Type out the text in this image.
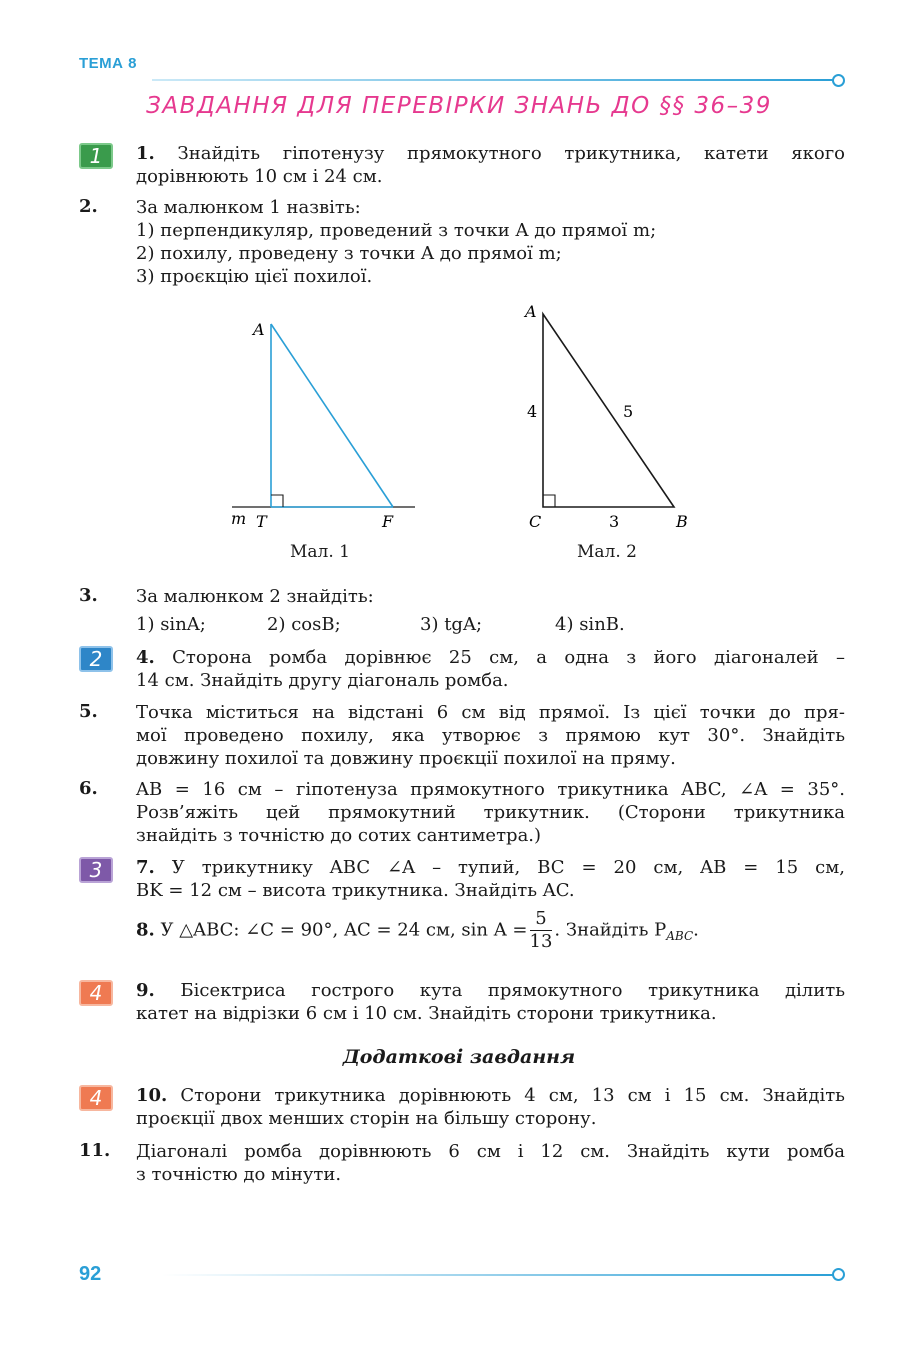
ТЕМА 8
ЗАВДАННЯ ДЛЯ ПЕРЕВІРКИ ЗНАНЬ ДО §§ 36–39
1	1. Знайдіть гіпотенузу прямокутного трикутника, катети якого
дорівнюють 10 см і 24 см.
2. За малюнком 1 назвіть:
1) перпендикуляр, проведений з точки A до прямої m;
2) похилу, проведену з точки A до прямої m;
3) проєкцію цієї похилої.
A
T	F
m
Мал. 1
A
C	B
4	5
3
Мал. 2
3. За малюнком 2 знайдіть:
1) sinA;	2) cosB;	3) tgA;	4) sinB.
2	4. Сторона ромба дорівнює 25 см, а одна з його діагоналей –
14 см. Знайдіть другу діагональ ромба.
5. Точка міститься на відстані 6 см від прямої. Із цієї точки до пря-
мої проведено похилу, яка утворює з прямою кут 30°. Знайдіть
довжину похилої та довжину проєкції похилої на пряму.
6. AB = 16 см – гіпотенуза прямокутного трикутника ABC, ∠A = 35°.
Розв’яжіть цей прямокутний трикутник. (Сторони трикутника
знайдіть з точністю до сотих сантиметра.)
3	7. У трикутнику ABC ∠A – тупий, BC = 20 см, AB = 15 см,
BK = 12 см – висота трикутника. Знайдіть AC.
8. У △ABC: ∠C = 90°, AC = 24 см, $\sin A = \frac{5}{13}$ . Знайдіть $P_{ABC}$.
4	9. Бісектриса гострого кута прямокутного трикутника ділить
катет на відрізки 6 см і 10 см. Знайдіть сторони трикутника.
Додаткові завдання
4	10. Сторони трикутника дорівнюють 4 см, 13 см і 15 см. Знайдіть
проєкції двох менших сторін на більшу сторону.
11. Діагоналі ромба дорівнюють 6 см і 12 см. Знайдіть кути ромба
з точністю до мінути.
92
